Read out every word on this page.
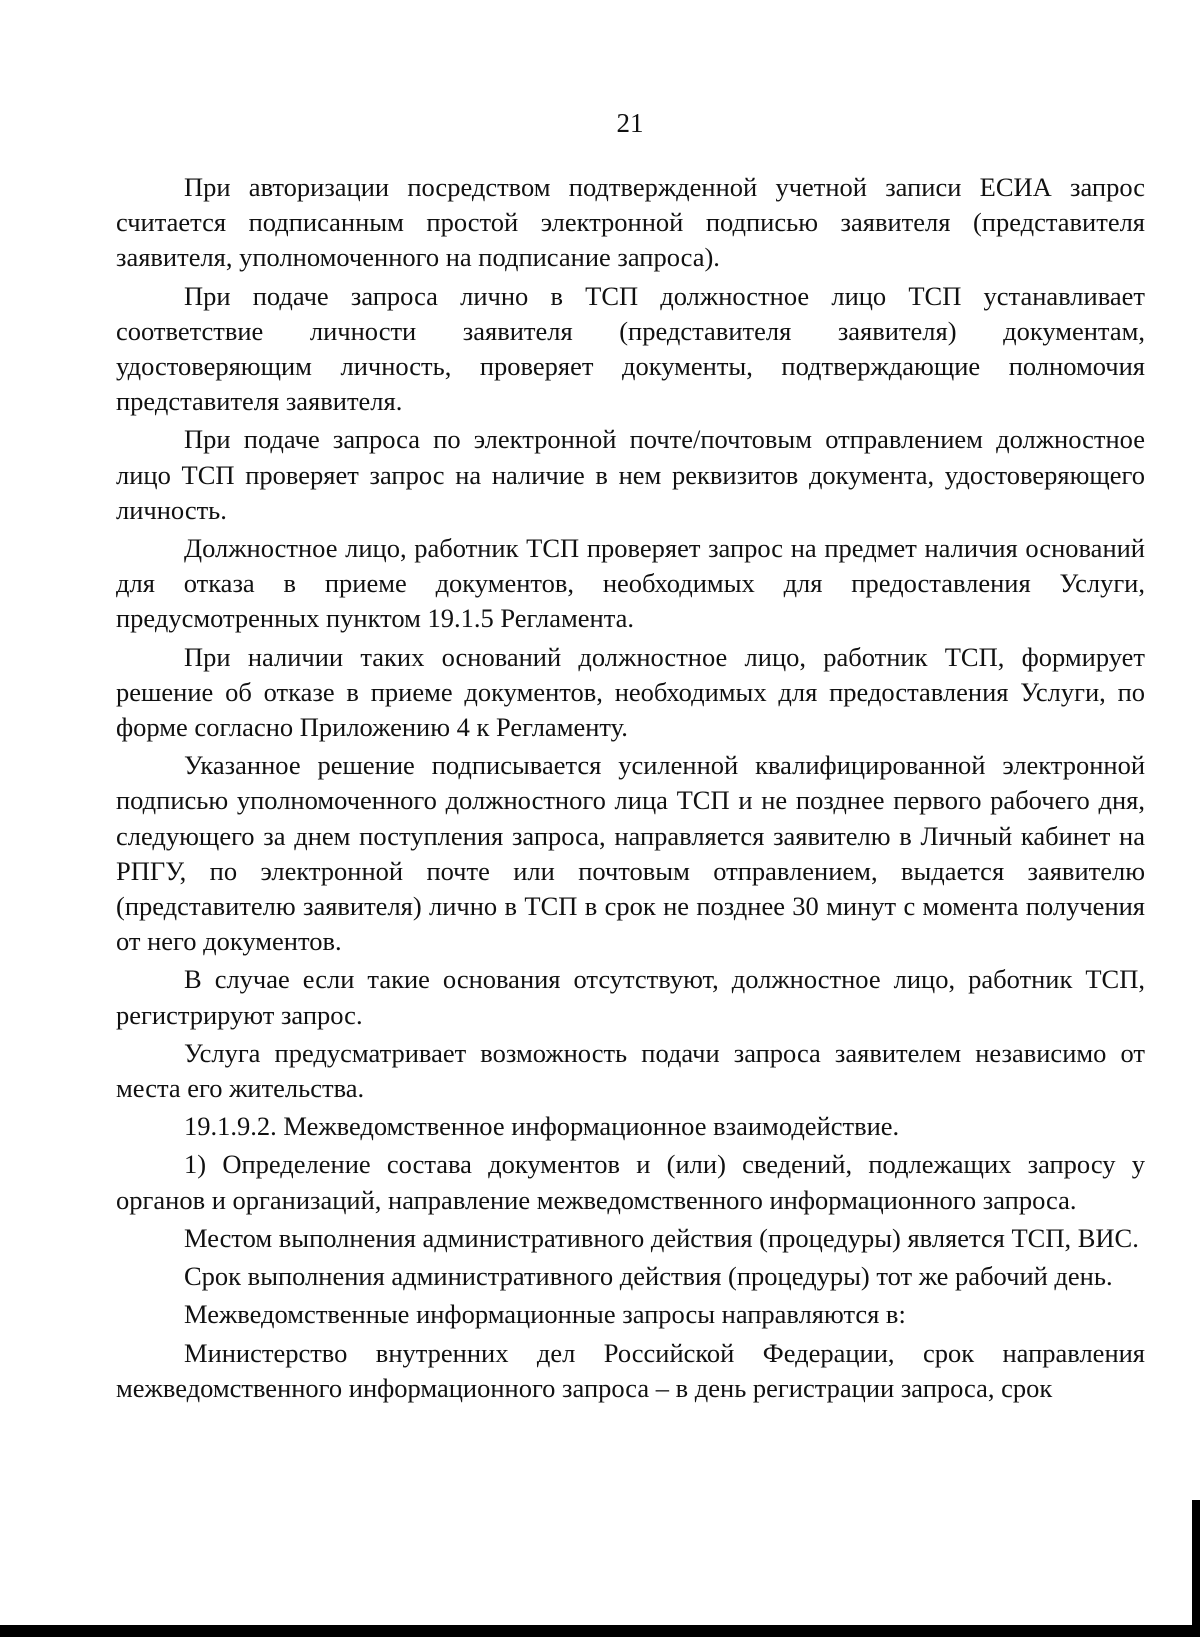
21

При авторизации посредством подтвержденной учетной записи ЕСИА запрос считается подписанным простой электронной подписью заявителя (представителя заявителя, уполномоченного на подписание запроса).

При подаче запроса лично в ТСП должностное лицо ТСП устанавливает соответствие личности заявителя (представителя заявителя) документам, удостоверяющим личность, проверяет документы, подтверждающие полномочия представителя заявителя.

При подаче запроса по электронной почте/почтовым отправлением должностное лицо ТСП проверяет запрос на наличие в нем реквизитов документа, удостоверяющего личность.

Должностное лицо, работник ТСП проверяет запрос на предмет наличия оснований для отказа в приеме документов, необходимых для предоставления Услуги, предусмотренных пунктом 19.1.5 Регламента.

При наличии таких оснований должностное лицо, работник ТСП, формирует решение об отказе в приеме документов, необходимых для предоставления Услуги, по форме согласно Приложению 4 к Регламенту.

Указанное решение подписывается усиленной квалифицированной электронной подписью уполномоченного должностного лица ТСП и не позднее первого рабочего дня, следующего за днем поступления запроса, направляется заявителю в Личный кабинет на РПГУ, по электронной почте или почтовым отправлением, выдается заявителю (представителю заявителя) лично в ТСП в срок не позднее 30 минут с момента получения от него документов.

В случае если такие основания отсутствуют, должностное лицо, работник ТСП, регистрируют запрос.

Услуга предусматривает возможность подачи запроса заявителем независимо от места его жительства.

19.1.9.2. Межведомственное информационное взаимодействие.

1) Определение состава документов и (или) сведений, подлежащих запросу у органов и организаций, направление межведомственного информационного запроса.

Местом выполнения административного действия (процедуры) является ТСП, ВИС.

Срок выполнения административного действия (процедуры) тот же рабочий день.

Межведомственные информационные запросы направляются в:

Министерство внутренних дел Российской Федерации, срок направления межведомственного информационного запроса – в день регистрации запроса, срок
